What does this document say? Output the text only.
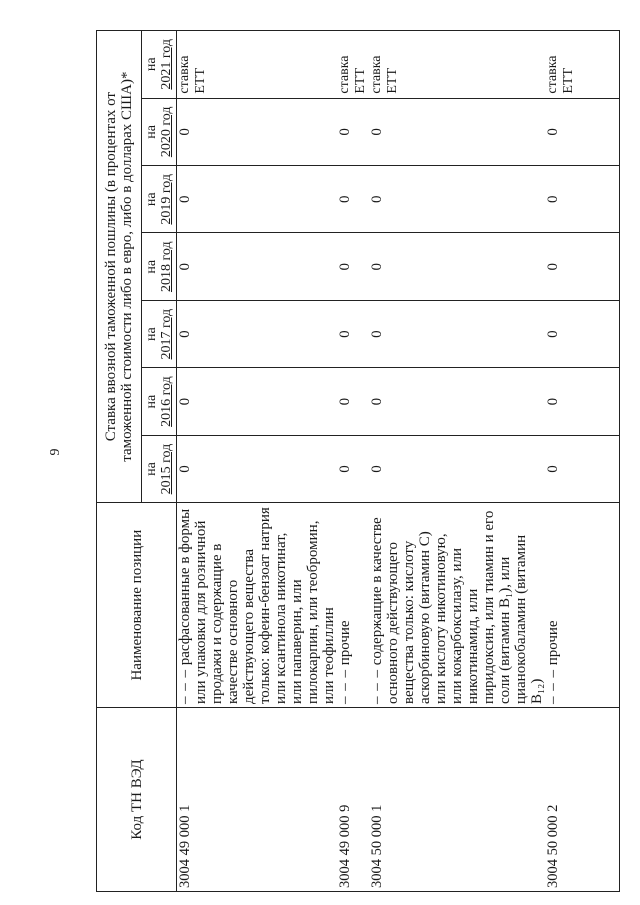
9
Код ТН ВЭД	Наименование позиции	Ставка ввозной таможенной пошлины (в процентах от таможенной стоимости либо в евро, либо в долларах США)*						

		на 2015 год	на 2016 год	на 2017 год	на 2018 год	на 2019 год	на 2020 год	на 2021 год
3004 49 000 1	– – – расфасованные в формы или упаковки для розничной продажи и содержащие в качестве основного действующего вещества только: кофеин-бензоат натрия или ксантинола никотинат, или папаверин, или пилокарпин, или теобромин, или теофиллин	0	0	0	0	0	0	ставка ЕТТ
3004 49 000 9	– – – прочие	0	0	0	0	0	0	ставка ЕТТ
3004 50 000 1	– – – содержащие в качестве основного действующего вещества только: кислоту аскорбиновую (витамин С) или кислоту никотиновую, или кокарбоксилазу, или никотинамид, или пиридоксин, или тиамин и его соли (витамин B₁), или цианокобаламин (витамин B₁₂)	0	0	0	0	0	0	ставка ЕТТ
3004 50 000 2	– – – прочие	0	0	0	0	0	0	ставка ЕТТ
